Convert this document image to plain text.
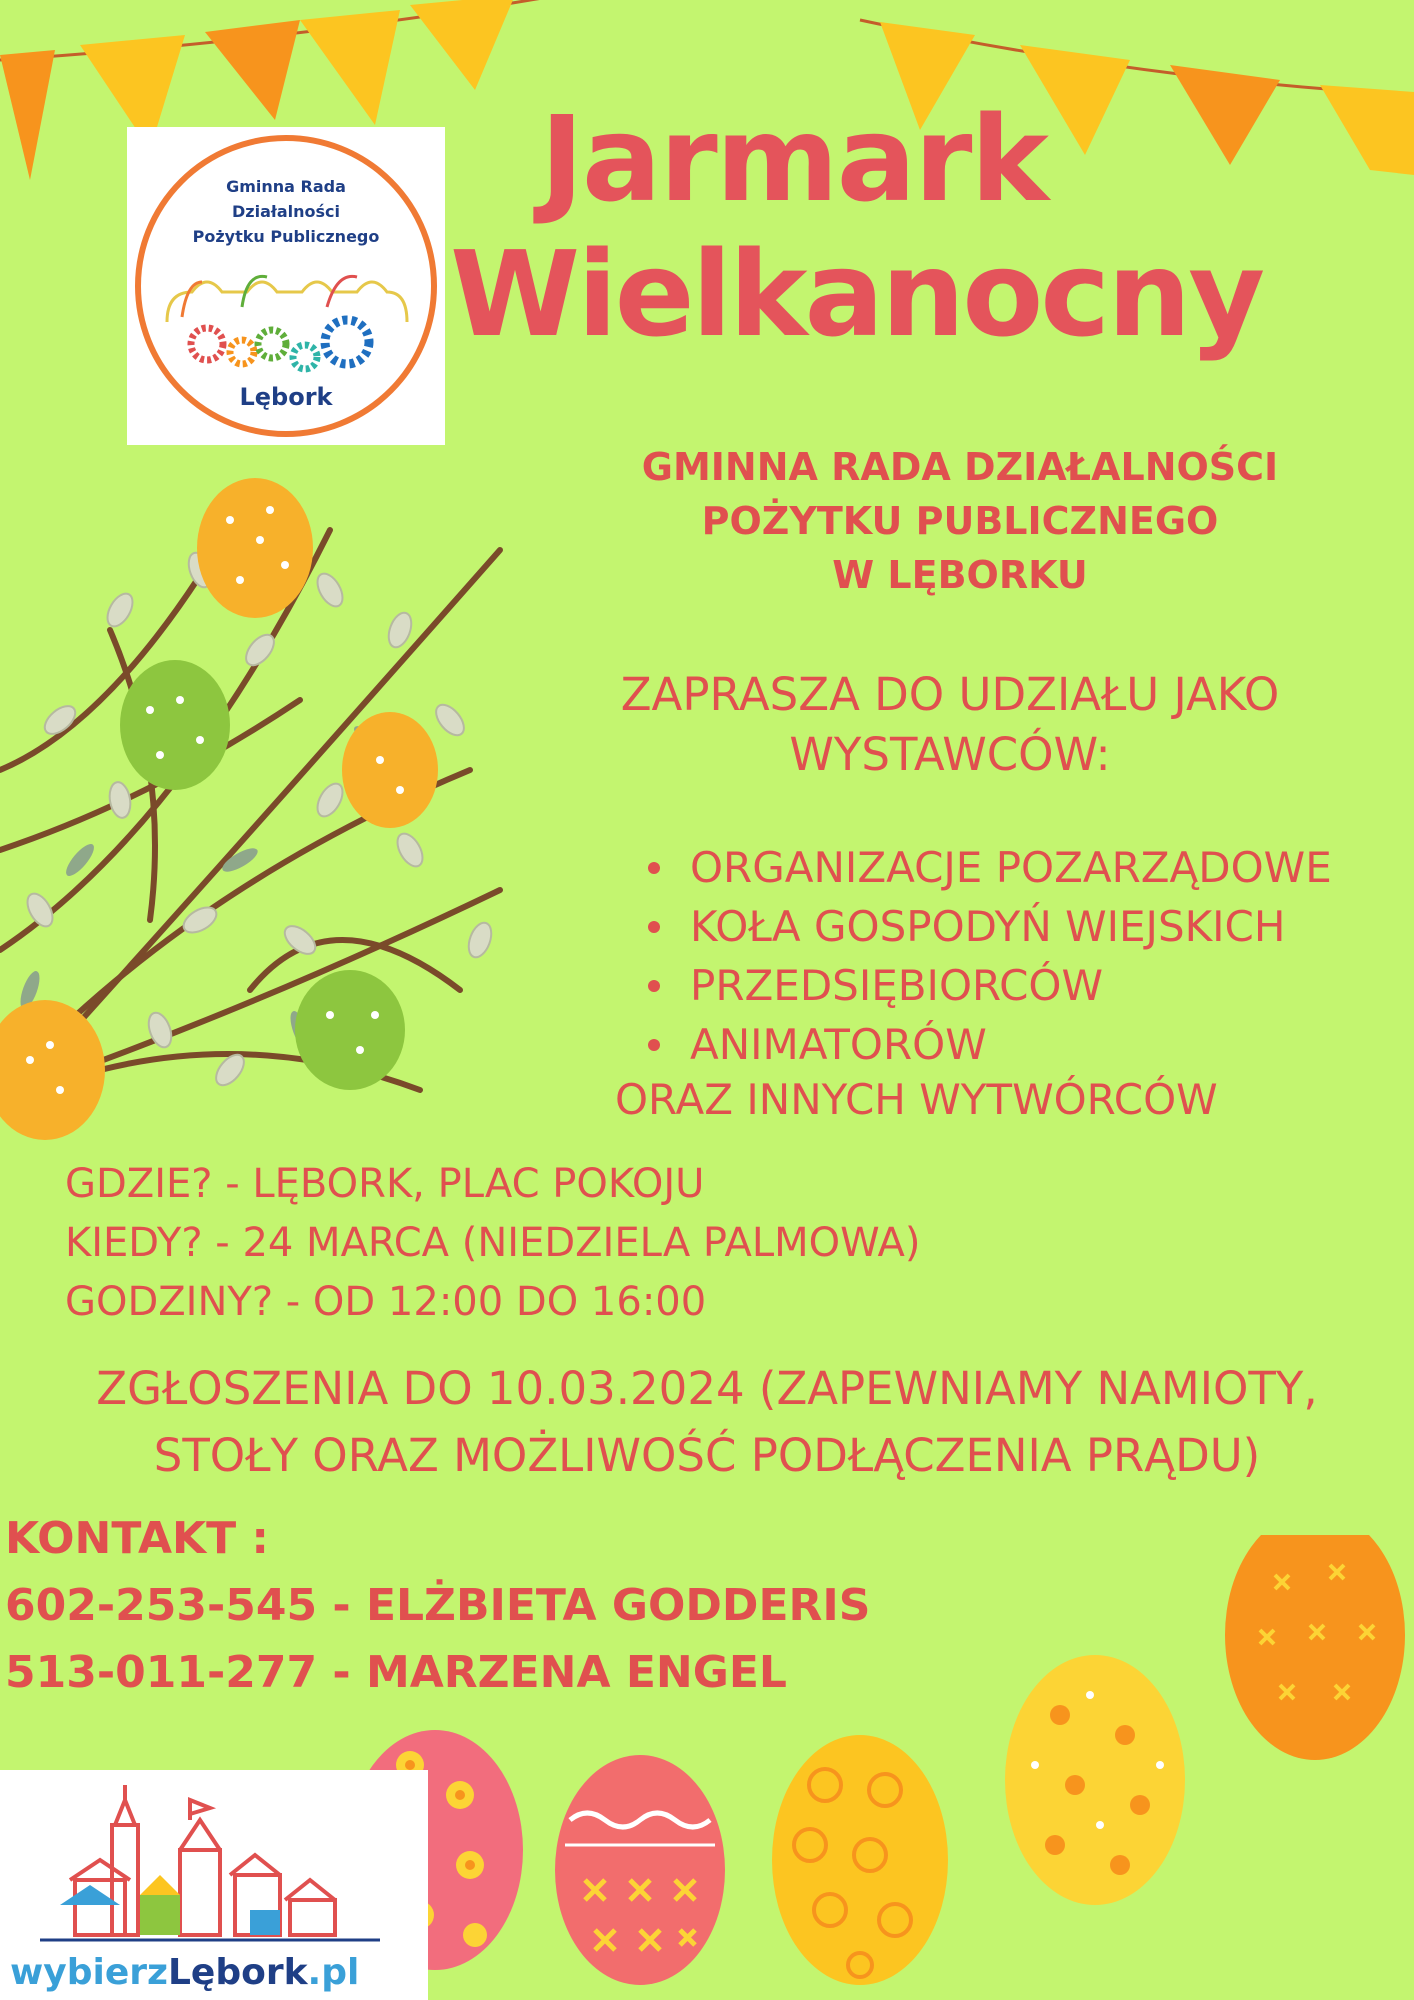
Gminna Rada
Działalności
Pożytku Publicznego
Lębork
Jarmark
Wielkanocny
GMINNA RADA DZIAŁALNOŚCI
POŻYTKU PUBLICZNEGO
W LĘBORKU
ZAPRASZA DO UDZIAŁU JAKO
WYSTAWCÓW:
ORGANIZACJE POZARZĄDOWE
KOŁA GOSPODYŃ WIEJSKICH
PRZEDSIĘBIORCÓW
ANIMATORÓW
ORAZ INNYCH WYTWÓRCÓW
GDZIE? - LĘBORK, PLAC POKOJU
KIEDY? - 24 MARCA (NIEDZIELA PALMOWA)
GODZINY? - OD 12:00 DO 16:00
ZGŁOSZENIA DO 10.03.2024 (ZAPEWNIAMY NAMIOTY,
STOŁY ORAZ MOŻLIWOŚĆ PODŁĄCZENIA PRĄDU)
KONTAKT :
602-253-545 - ELŻBIETA GODDERIS
513-011-277 - MARZENA ENGEL
wybierzLębork.pl
